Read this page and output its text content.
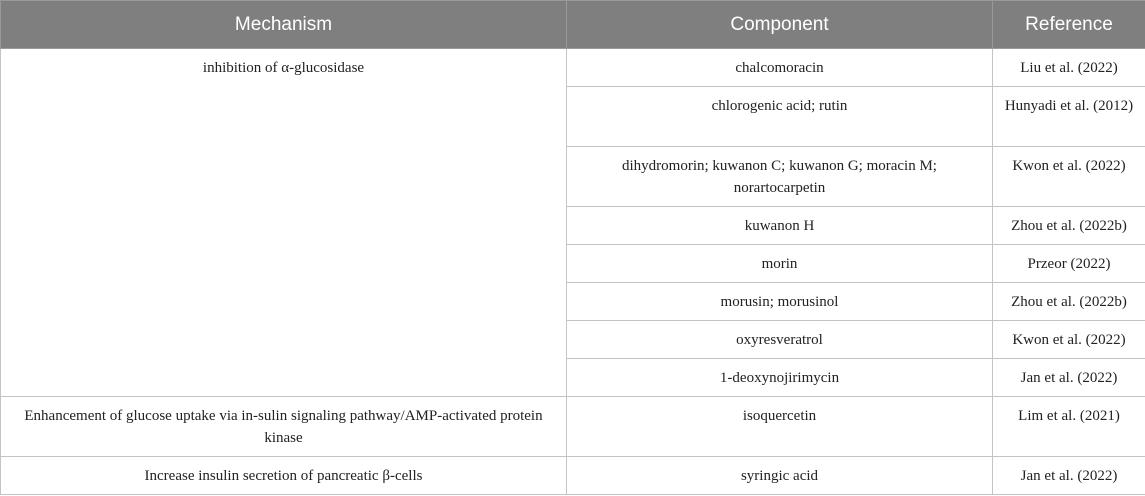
Mechanism	Component	Reference
inhibition of α-glucosidase	chalcomoracin	Liu et al. (2022)
	chlorogenic acid; rutin	Hunyadi et al. (2012)
	dihydromorin; kuwanon C; kuwanon G; moracin M; norartocarpetin	Kwon et al. (2022)
	kuwanon H	Zhou et al. (2022b)
	morin	Przeor (2022)
	morusin; morusinol	Zhou et al. (2022b)
	oxyresveratrol	Kwon et al. (2022)
	1-deoxynojirimycin	Jan et al. (2022)
Enhancement of glucose uptake via in-sulin signaling pathway/AMP-activated protein kinase	isoquercetin	Lim et al. (2021)
Increase insulin secretion of pancreatic β-cells	syringic acid	Jan et al. (2022)
